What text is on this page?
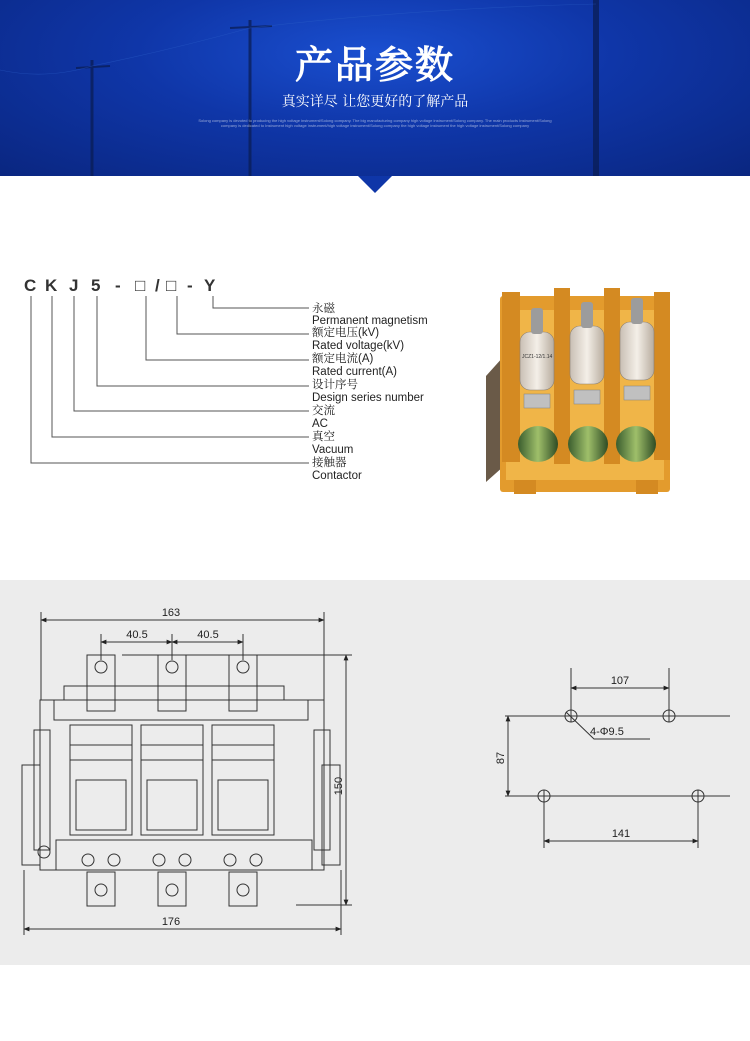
产品参数
真实详尽 让您更好的了解产品
Solong company is devoted to producing the high voltage instrument/Solong company. The big manufacturing company high voltage instrument/Solong company. The main products Instrument/Solong company is dedicated to Instrument high voltage instrument/high voltage instrument/Solong company the high voltage instrument the high voltage instrument/Solong company
C K J 5 - □ / □ - Y
永磁
Permanent magnetism
额定电压(kV)
Rated voltage(kV)
额定电流(A)
Rated current(A)
设计序号
Design series number
交流
AC
真空
Vacuum
接触器
Contactor
JCZ1-12/1.14
163
40.5	40.5
150
176
107
4-Φ9.5
87
141
